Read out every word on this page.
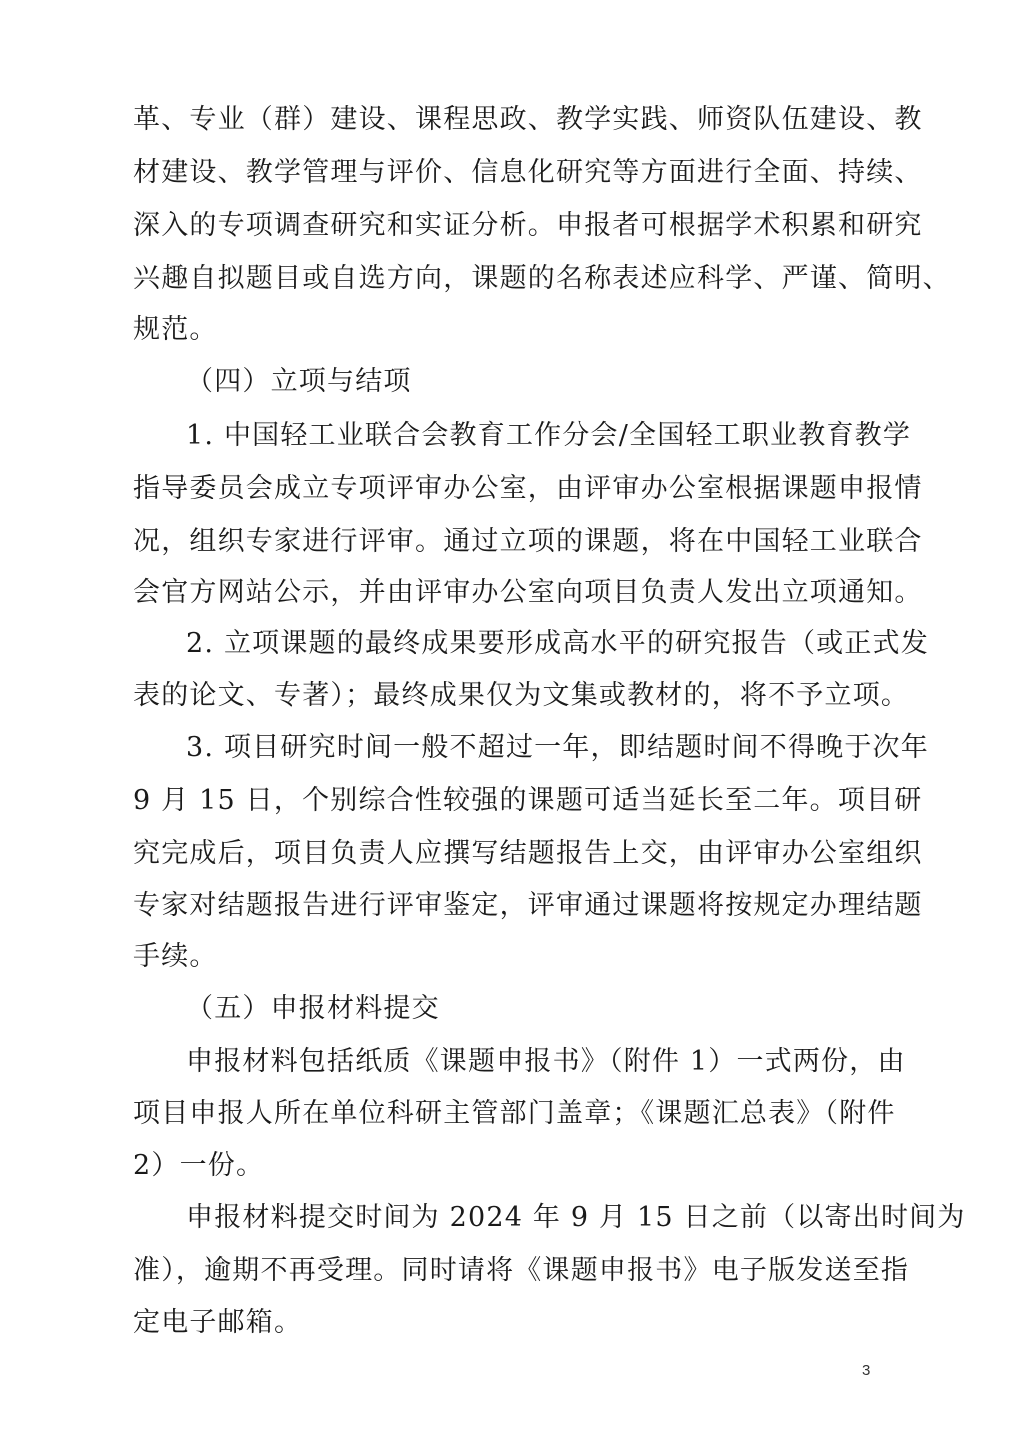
革、专业（群）建设、课程思政、教学实践、师资队伍建设、教
材建设、教学管理与评价、信息化研究等方面进行全面、持续、
深入的专项调查研究和实证分析。申报者可根据学术积累和研究
兴趣自拟题目或自选方向，课题的名称表述应科学、严谨、简明、
规范。
（四）立项与结项
1. 中国轻工业联合会教育工作分会/全国轻工职业教育教学
指导委员会成立专项评审办公室，由评审办公室根据课题申报情
况，组织专家进行评审。通过立项的课题，将在中国轻工业联合
会官方网站公示，并由评审办公室向项目负责人发出立项通知。
2. 立项课题的最终成果要形成高水平的研究报告（或正式发
表的论文、专著）；最终成果仅为文集或教材的，将不予立项。
3. 项目研究时间一般不超过一年，即结题时间不得晚于次年
9 月 15 日，个别综合性较强的课题可适当延长至二年。项目研
究完成后，项目负责人应撰写结题报告上交，由评审办公室组织
专家对结题报告进行评审鉴定，评审通过课题将按规定办理结题
手续。
（五）申报材料提交
申报材料包括纸质《课题申报书》（附件 1）一式两份，由
项目申报人所在单位科研主管部门盖章；《课题汇总表》（附件
2）一份。
申报材料提交时间为 2024 年 9 月 15 日之前（以寄出时间为
准），逾期不再受理。同时请将《课题申报书》电子版发送至指
定电子邮箱。
3
